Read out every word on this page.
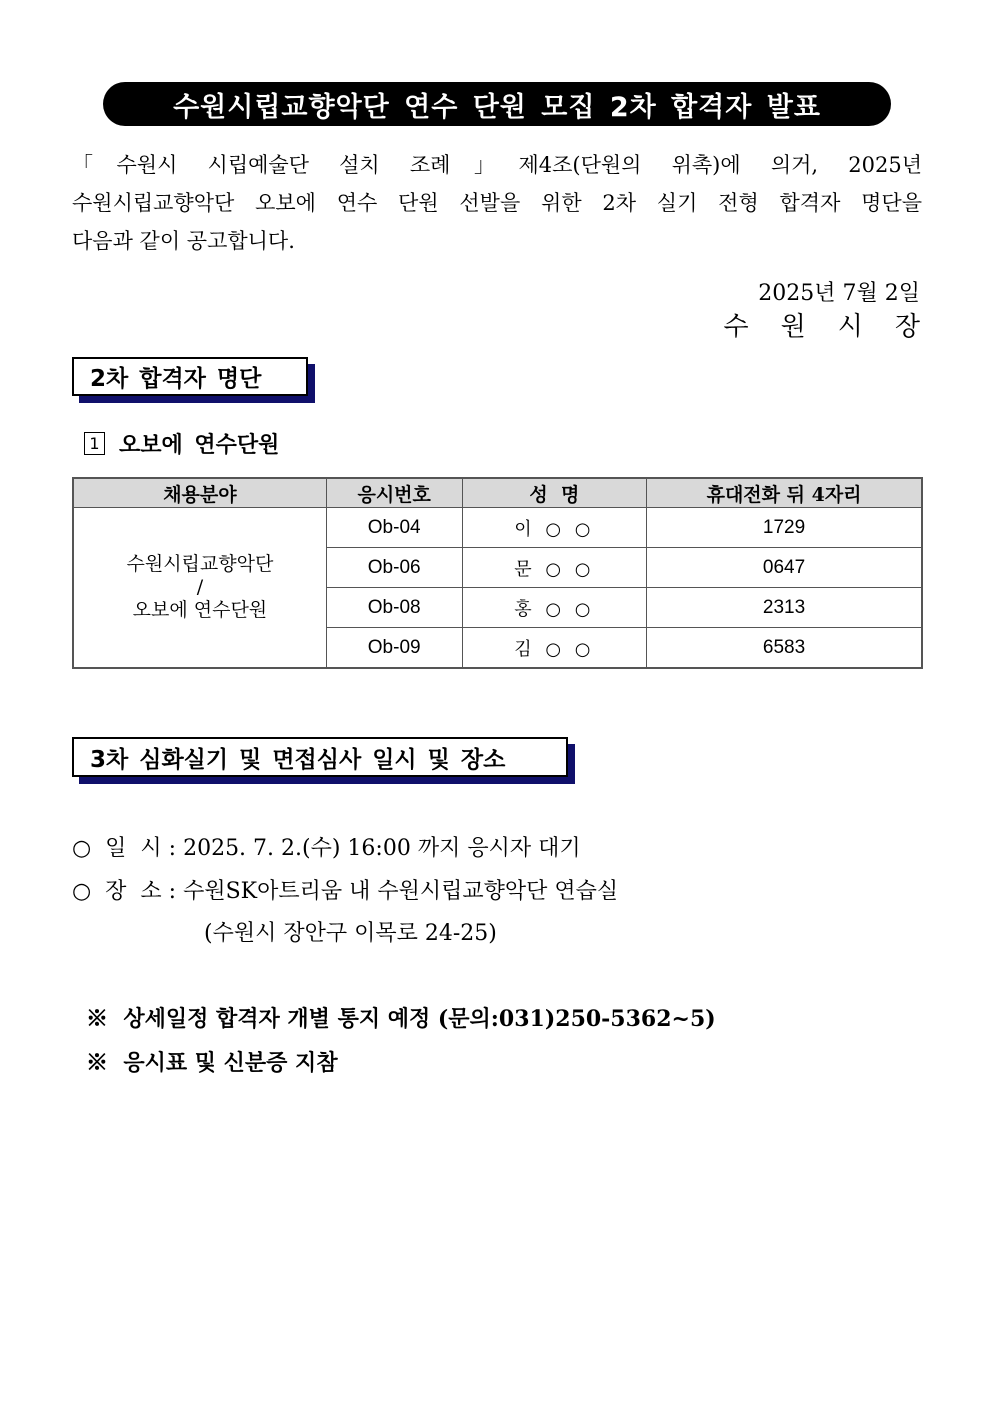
수원시립교향악단 연수 단원 모집 2차 합격자 발표
「수원시 시립예술단 설치 조례」제4조(단원의 위촉)에 의거, 2025년
수원시립교향악단 오보에 연수 단원 선발을 위한 2차 실기 전형 합격자 명단을
다음과 같이 공고합니다.
2025년 7월 2일
수원시장
2차 합격자 명단
1 오보에 연수단원
채용분야	응시번호	성  명	휴대전화 뒤 4자리

수원시립교향악단
/
오보에 연수단원	Ob-04	이 ○ ○	1729
	Ob-06	문 ○ ○	0647
	Ob-08	홍 ○ ○	2313
	Ob-09	김 ○ ○	6583
3차 심화실기 및 면접심사 일시 및 장소
○  일  시 : 2025. 7. 2.(수) 16:00 까지 응시자 대기
○  장  소 : 수원SK아트리움 내 수원시립교향악단 연습실
(수원시 장안구 이목로 24-25)
※  상세일정 합격자 개별 통지 예정 (문의:031)250-5362~5)
※  응시표 및 신분증 지참
